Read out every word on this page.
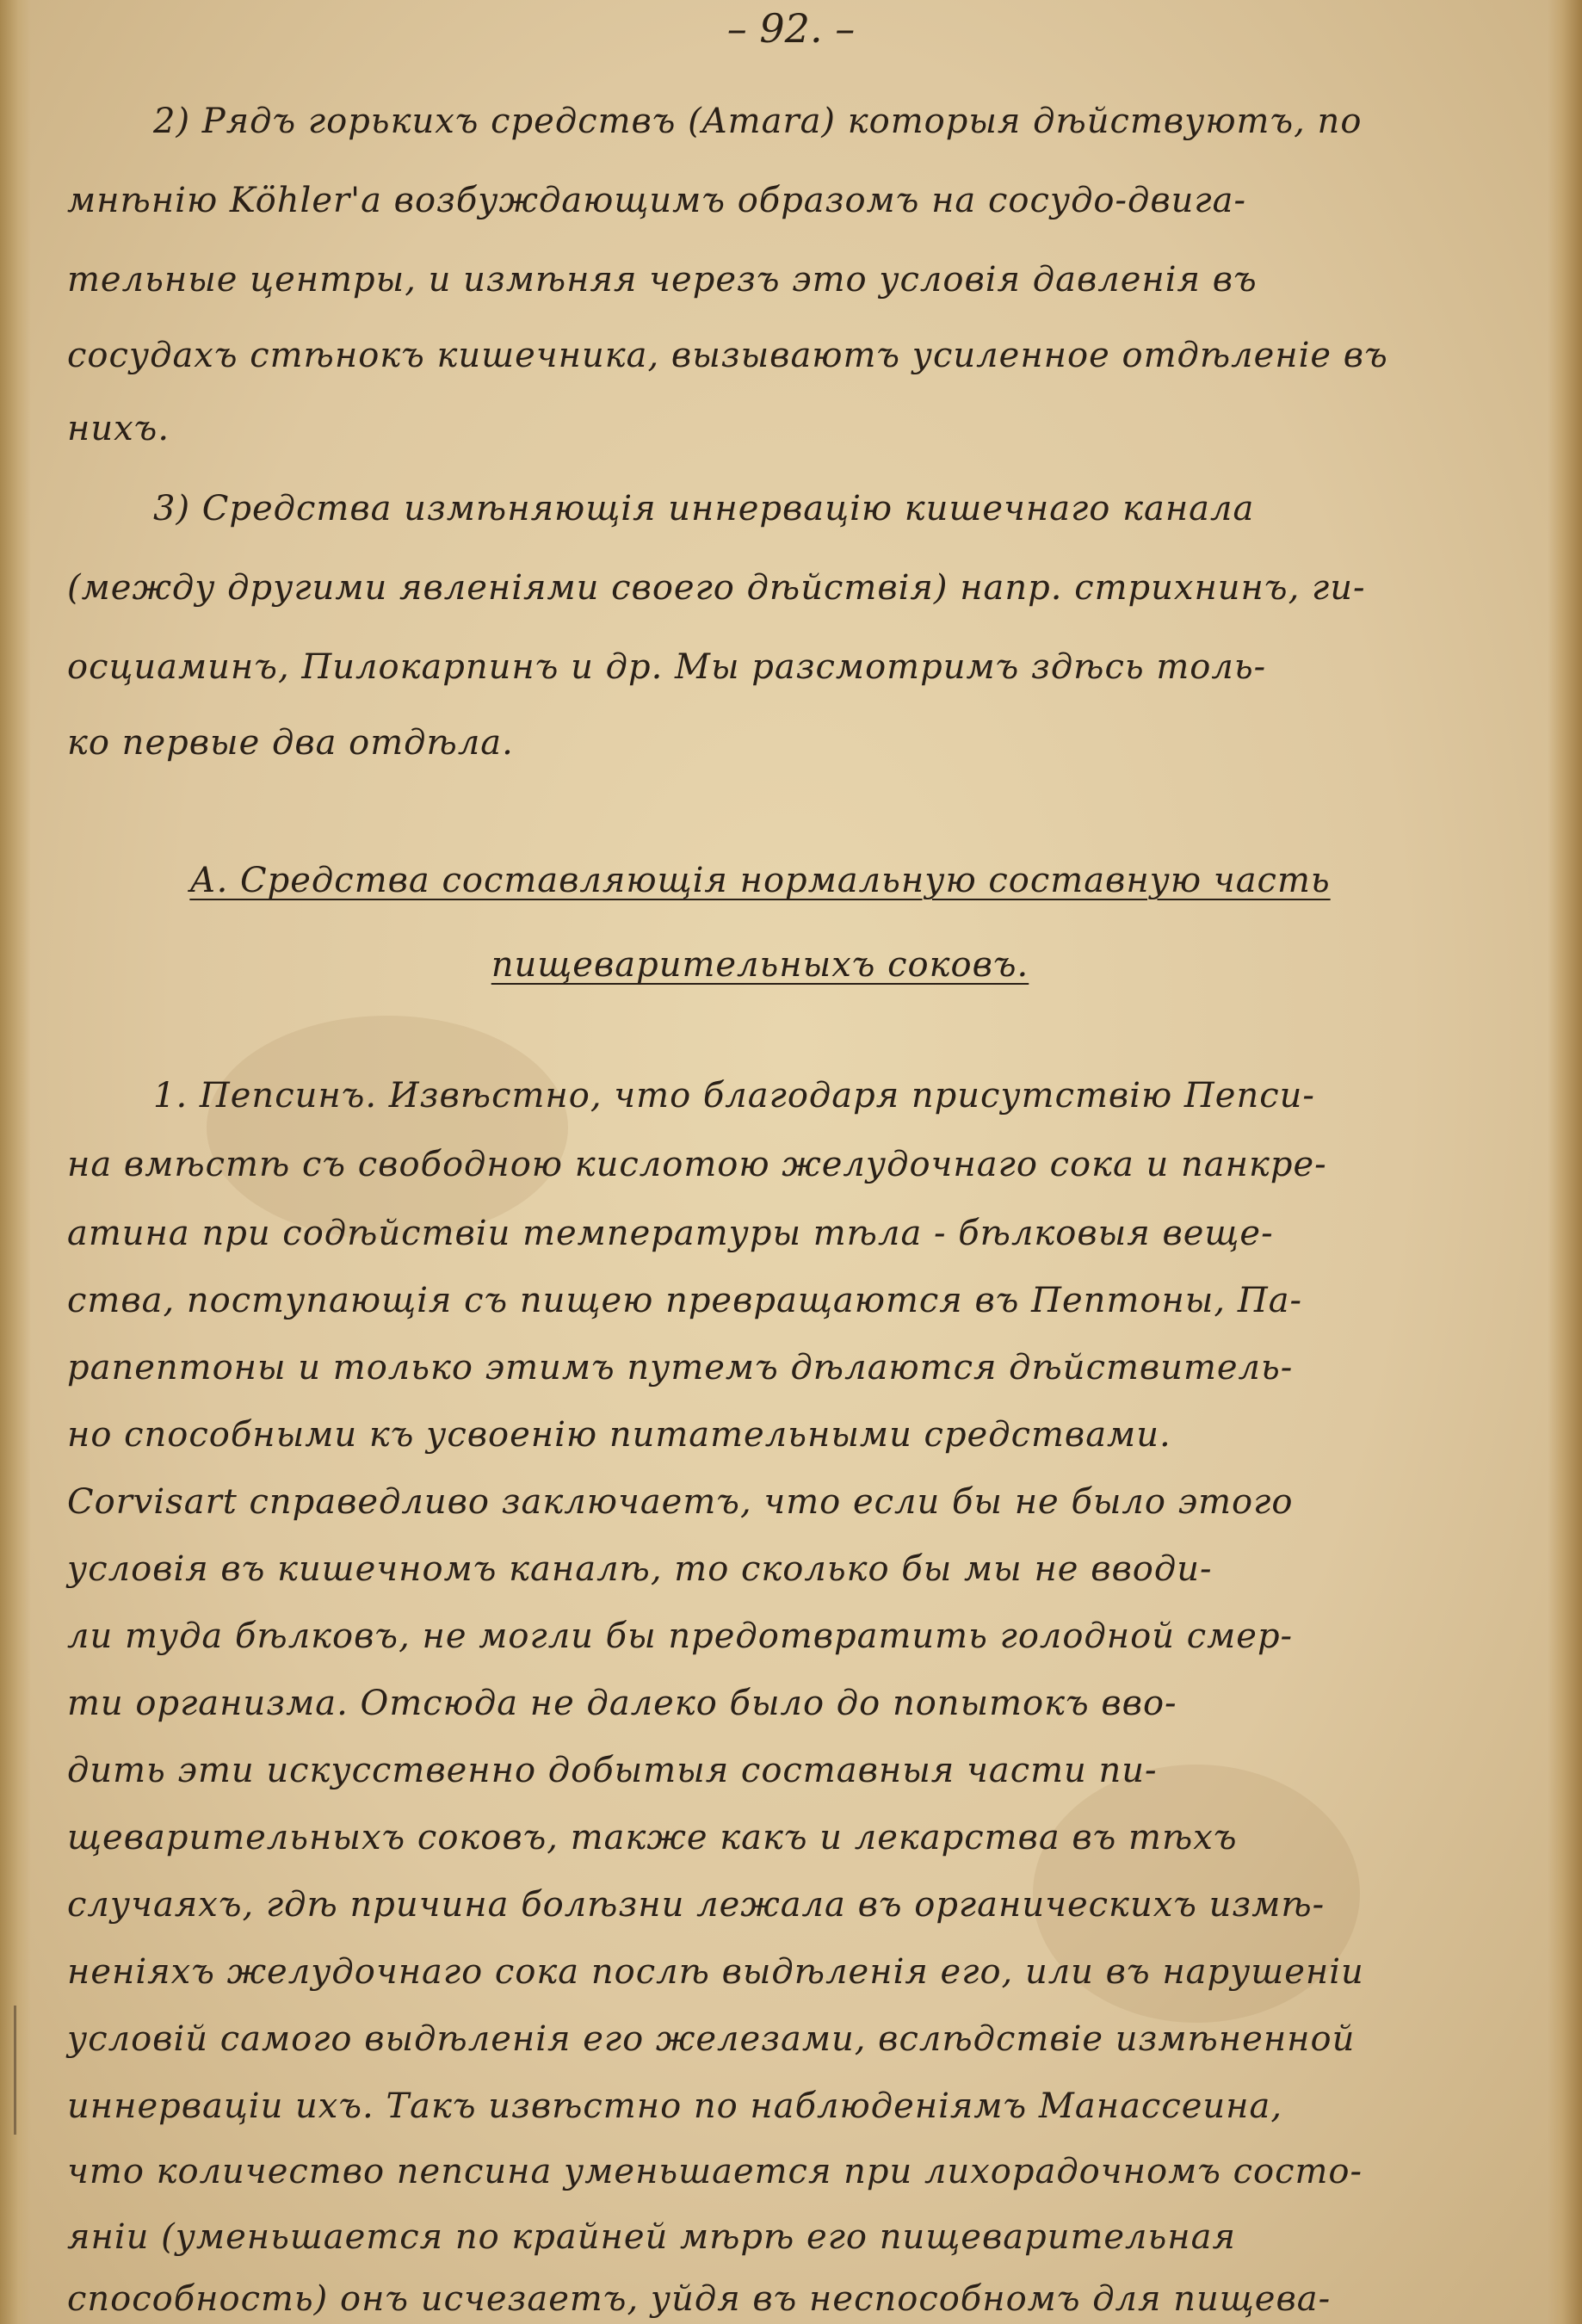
– 92. –
2) Рядъ горькихъ средствъ (Amara) которыя дѣйствуютъ, по
мнѣнію Köhler'а возбуждающимъ образомъ на сосудо-двига-
тельные центры, и измѣняя черезъ это условія давленія въ
сосудахъ стѣнокъ кишечника, вызываютъ усиленное отдѣленіе въ
нихъ.
3) Средства измѣняющія иннервацію кишечнаго канала
(между другими явленіями своего дѣйствія) напр. стрихнинъ, ги-
осциаминъ, Пилокарпинъ и др. Мы разсмотримъ здѣсь толь-
ко первые два отдѣла.
А. Средства составляющія нормальную составную часть
пищеварительныхъ соковъ.
1. Пепсинъ. Извѣстно, что благодаря присутствію Пепси-
на вмѣстѣ съ свободною кислотою желудочнаго сока и панкре-
атина при содѣйствіи температуры тѣла - бѣлковыя веще-
ства, поступающія съ пищею превращаются въ Пептоны, Па-
рапептоны и только этимъ путемъ дѣлаются дѣйствитель-
но способными къ усвоенію питательными средствами.
Corvisart справедливо заключаетъ, что если бы не было этого
условія въ кишечномъ каналѣ, то сколько бы мы не вводи-
ли туда бѣлковъ, не могли бы предотвратить голодной смер-
ти организма. Отсюда не далеко было до попытокъ вво-
дить эти искусственно добытыя составныя части пи-
щеварительныхъ соковъ, также какъ и лекарства въ тѣхъ
случаяхъ, гдѣ причина болѣзни лежала въ органическихъ измѣ-
неніяхъ желудочнаго сока послѣ выдѣленія его, или въ нарушеніи
условій самого выдѣленія его железами, вслѣдствіе измѣненной
иннерваціи ихъ. Такъ извѣстно по наблюденіямъ Манассеина,
что количество пепсина уменьшается при лихорадочномъ состо-
яніи (уменьшается по крайней мѣрѣ его пищеварительная
способность) онъ исчезаетъ, уйдя въ неспособномъ для пищева-
